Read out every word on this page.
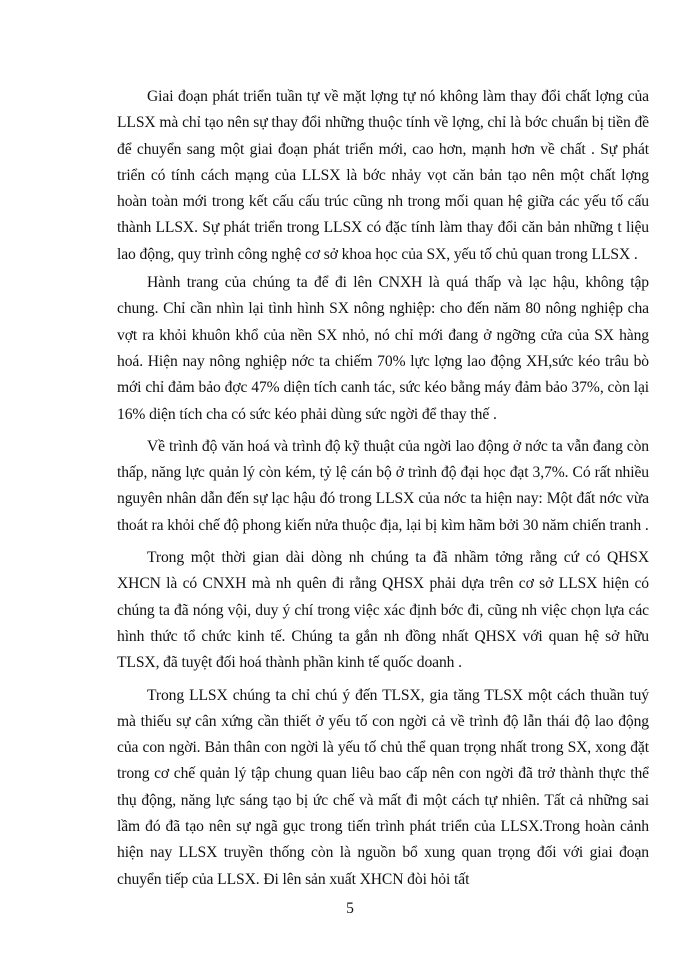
Giai đoạn phát triển tuần tự về mặt lợng tự nó không làm thay đổi chất lợng của LLSX mà chỉ tạo nên sự thay đổi những thuộc tính về lợng, chỉ là bớc chuẩn bị tiền đề để chuyển sang một giai đoạn phát triển mới, cao hơn, mạnh hơn về chất . Sự phát triển có tính cách mạng của LLSX là bớc nhảy vọt căn bản tạo nên một chất lợng hoàn toàn mới trong kết cấu cấu trúc cũng nh trong mối quan hệ giữa các yếu tố cấu thành LLSX. Sự phát triển trong LLSX có đặc tính làm thay đổi căn bản những t liệu lao động, quy trình công nghệ cơ sở khoa học của SX, yếu tố chủ quan trong LLSX .

Hành trang của chúng ta để đi lên CNXH là quá thấp và lạc hậu, không tập chung. Chỉ cần nhìn lại tình hình SX nông nghiệp: cho đến năm 80 nông nghiệp cha vợt ra khỏi khuôn khổ của nền SX nhỏ, nó chỉ mới đang ở ngỡng cửa của SX hàng hoá. Hiện nay nông nghiệp nớc ta chiếm 70% lực lợng lao động XH,sức kéo trâu bò mới chỉ đảm bảo đợc 47% diện tích canh tác, sức kéo bằng máy đảm bảo 37%, còn lại 16% diện tích cha có sức kéo phải dùng sức ngời để thay thế .

Về trình độ văn hoá và trình độ kỹ thuật của ngời lao động ở nớc ta vẫn đang còn thấp, năng lực quản lý còn kém, tỷ lệ cán bộ ở trình độ đại học đạt 3,7%. Có rất nhiều nguyên nhân dẫn đến sự lạc hậu đó trong LLSX của nớc ta hiện nay: Một đất nớc vừa thoát ra khỏi chế độ phong kiến nửa thuộc địa, lại bị kìm hãm bởi 30 năm chiến tranh .

Trong một thời gian dài dòng nh chúng ta đã nhầm tởng rằng cứ có QHSX XHCN là có CNXH mà nh quên đi rằng QHSX phải dựa trên cơ sở LLSX hiện có chúng ta đã nóng vội, duy ý chí trong việc xác định bớc đi, cũng nh việc chọn lựa các hình thức tổ chức kinh tế. Chúng ta gắn nh đồng nhất QHSX với quan hệ sở hữu TLSX, đã tuyệt đối hoá thành phần kinh tế quốc doanh .

Trong LLSX chúng ta chỉ chú ý đến TLSX, gia tăng TLSX một cách thuần tuý mà thiếu sự cân xứng cần thiết ở yếu tố con ngời cả về trình độ lẫn thái độ lao động của con ngời. Bản thân con ngời là yếu tố chủ thể quan trọng nhất trong SX, xong đặt trong cơ chế quản lý tập chung quan liêu bao cấp nên con ngời đã trở thành thực thể thụ động, năng lực sáng tạo bị ức chế và mất đi một cách tự nhiên. Tất cả những sai lầm đó đã tạo nên sự ngã gục trong tiến trình phát triển của LLSX.Trong hoàn cảnh hiện nay LLSX truyền thống còn là nguồn bổ xung quan trọng đối với giai đoạn chuyển tiếp của LLSX. Đi lên sản xuất XHCN đòi hỏi tất

5
